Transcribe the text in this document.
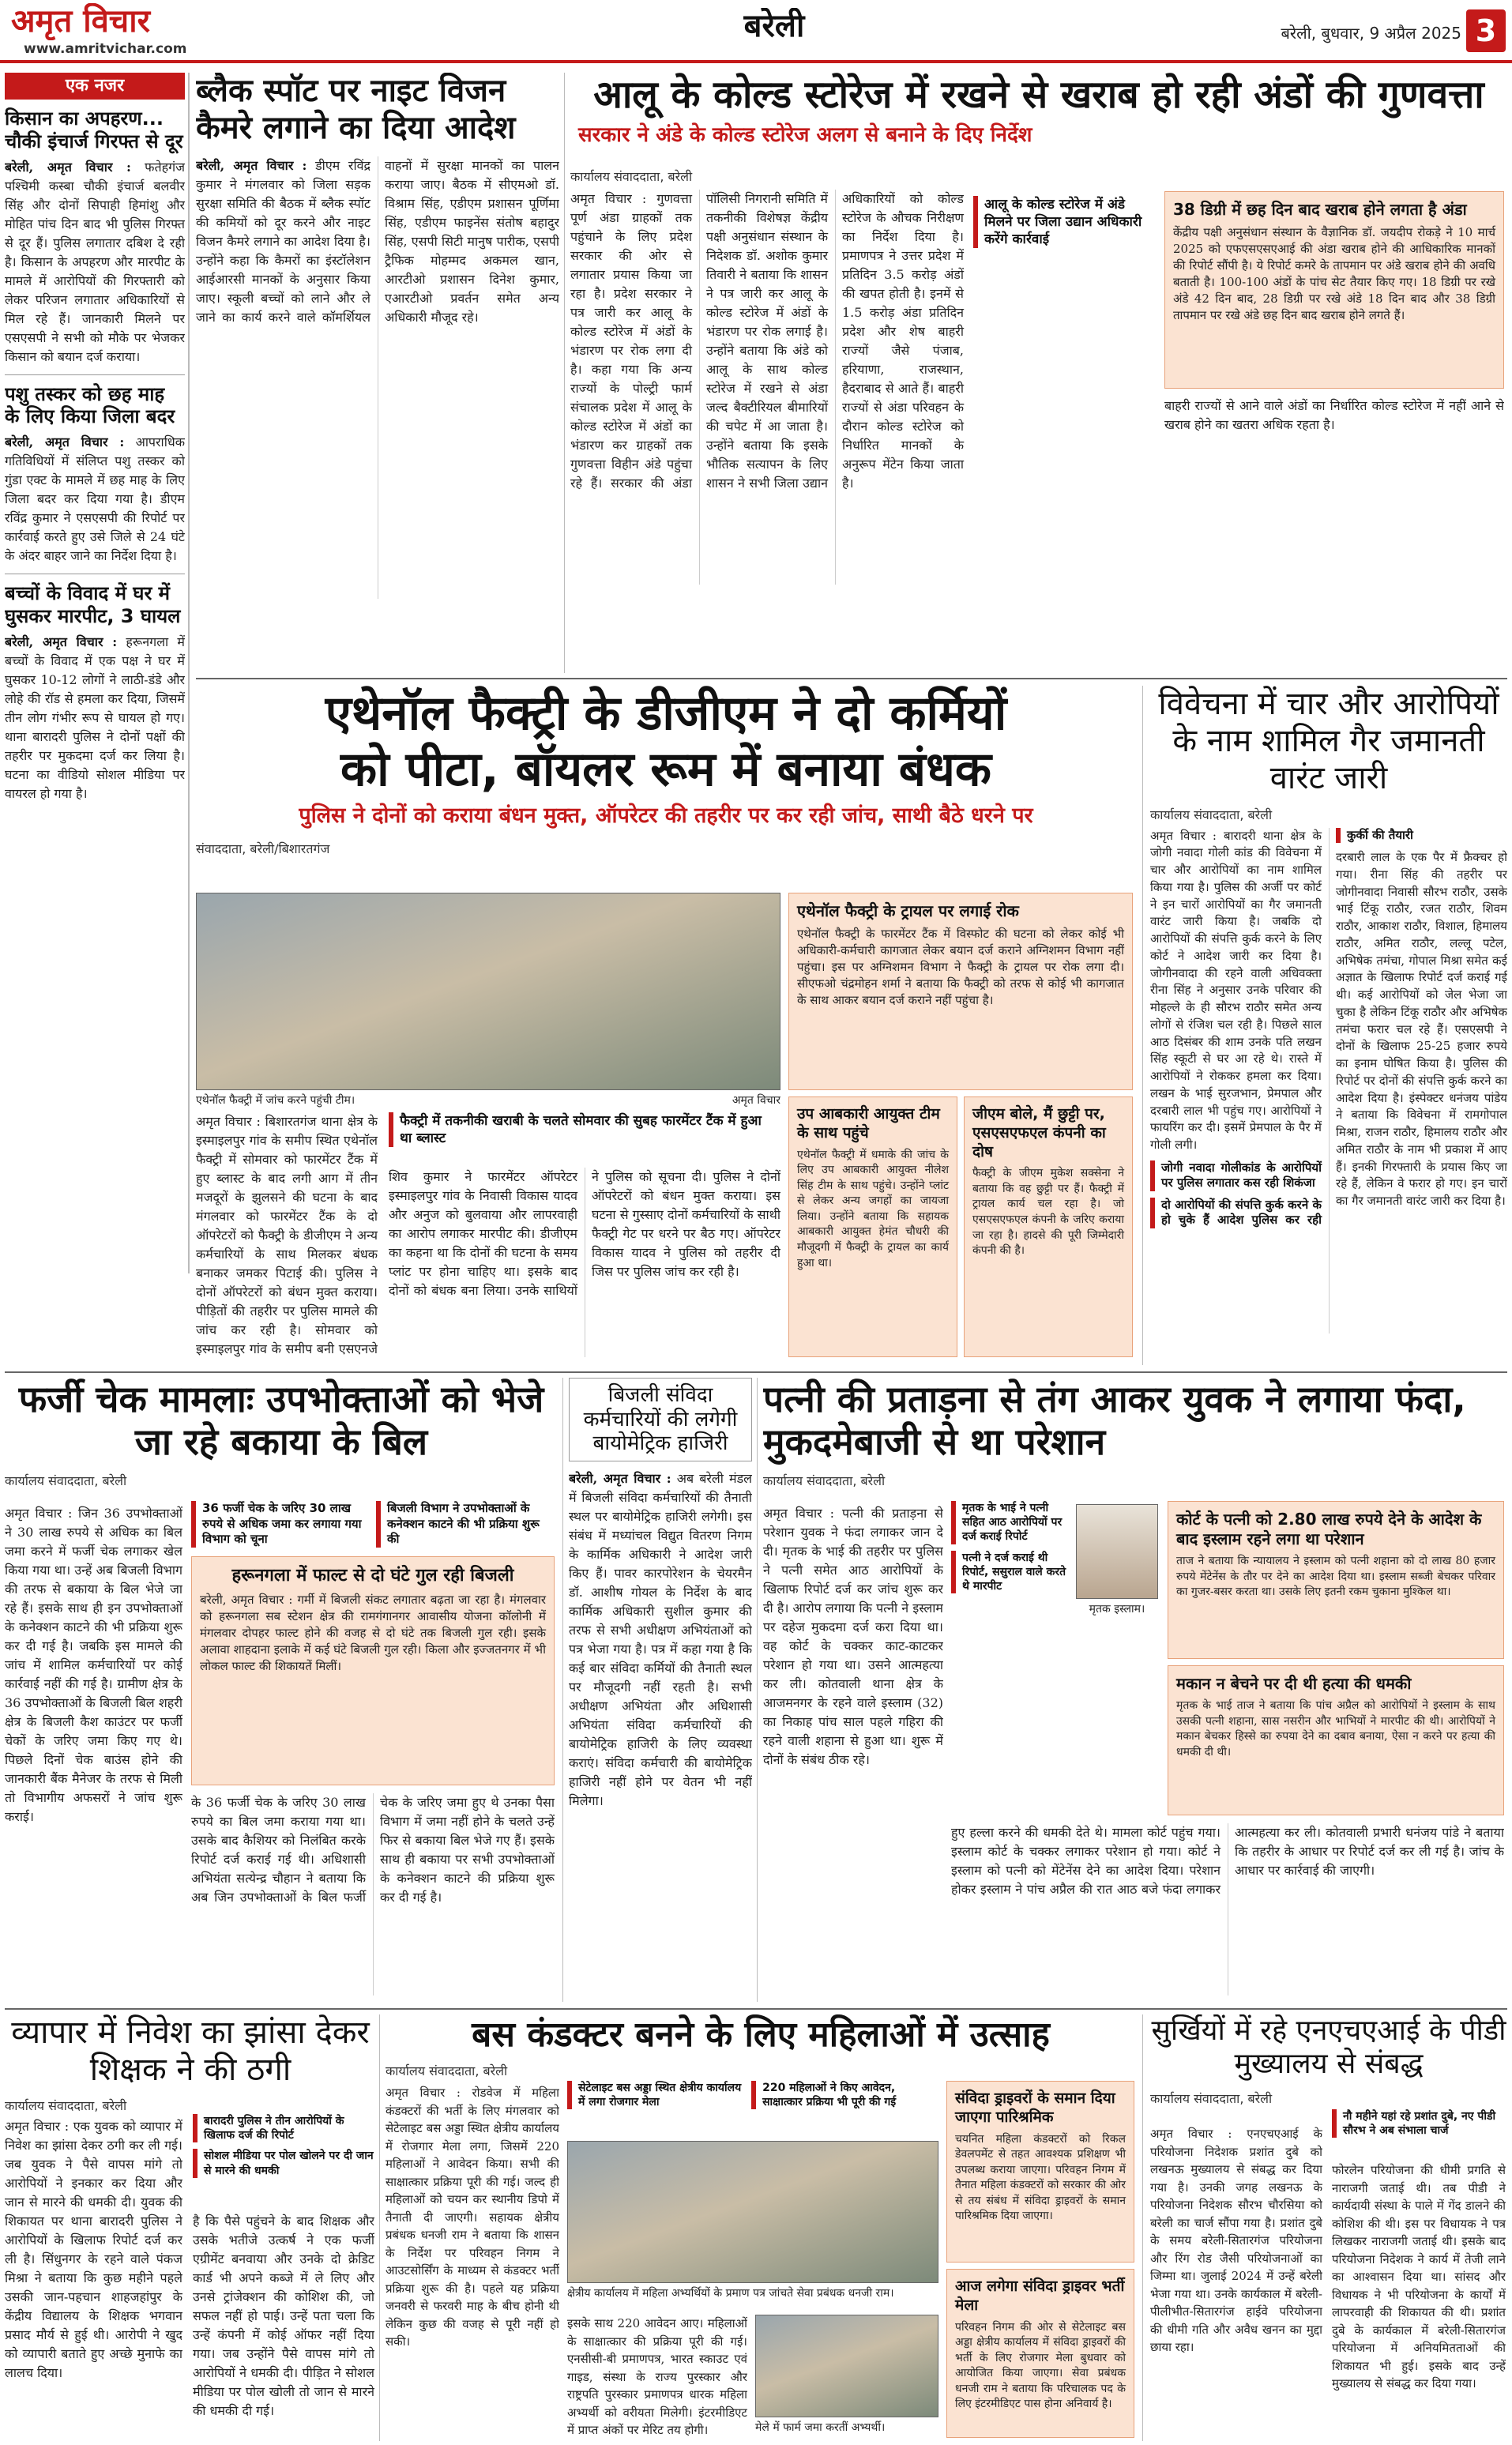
अमृत विचार
www.amritvichar.com
बरेली	बरेली, बुधवार, 9 अप्रैल 2025 3
एक नजर
किसान का अपहरण... चौकी इंचार्ज गिरफ्त से दूर
बरेली, अमृत विचार : फतेहगंज पश्चिमी कस्बा चौकी इंचार्ज बलवीर सिंह और दोनों सिपाही हिमांशु और मोहित पांच दिन बाद भी पुलिस गिरफ्त से दूर हैं। पुलिस लगातार दबिश दे रही है। किसान के अपहरण और मारपीट के मामले में आरोपियों की गिरफ्तारी को लेकर परिजन लगातार अधिकारियों से मिल रहे हैं। जानकारी मिलने पर एसएसपी ने सभी को मौके पर भेजकर किसान को बयान दर्ज कराया।
पशु तस्कर को छह माह के लिए किया जिला बदर
बरेली, अमृत विचार : आपराधिक गतिविधियों में संलिप्त पशु तस्कर को गुंडा एक्ट के मामले में छह माह के लिए जिला बदर कर दिया गया है। डीएम रविंद्र कुमार ने एसएसपी की रिपोर्ट पर कार्रवाई करते हुए उसे जिले से 24 घंटे के अंदर बाहर जाने का निर्देश दिया है।
बच्चों के विवाद में घर में घुसकर मारपीट, 3 घायल
बरेली, अमृत विचार : हरूनगला में बच्चों के विवाद में एक पक्ष ने घर में घुसकर 10-12 लोगों ने लाठी-डंडे और लोहे की रॉड से हमला कर दिया, जिसमें तीन लोग गंभीर रूप से घायल हो गए। थाना बारादरी पुलिस ने दोनों पक्षों की तहरीर पर मुकदमा दर्ज कर लिया है। घटना का वीडियो सोशल मीडिया पर वायरल हो गया है।
ब्लैक स्पॉट पर नाइट विजन कैमरे लगाने का दिया आदेश
बरेली, अमृत विचार : डीएम रविंद्र कुमार ने मंगलवार को जिला सड़क सुरक्षा समिति की बैठक में ब्लैक स्पॉट की कमियों को दूर करने और नाइट विजन कैमरे लगाने का आदेश दिया है। उन्होंने कहा कि कैमरों का इंस्टॉलेशन आईआरसी मानकों के अनुसार किया जाए। स्कूली बच्चों को लाने और ले जाने का कार्य करने वाले कॉमर्शियल वाहनों में सुरक्षा मानकों का पालन कराया जाए। बैठक में सीएमओ डॉ. विश्राम सिंह, एडीएम प्रशासन पूर्णिमा सिंह, एडीएम फाइनेंस संतोष बहादुर सिंह, एसपी सिटी मानुष पारीक, एसपी ट्रैफिक मोहम्मद अकमल खान, आरटीओ प्रशासन दिनेश कुमार, एआरटीओ प्रवर्तन समेत अन्य अधिकारी मौजूद रहे।
आलू के कोल्ड स्टोरेज में रखने से खराब हो रही अंडों की गुणवत्ता
सरकार ने अंडे के कोल्ड स्टोरेज अलग से बनाने के दिए निर्देश
कार्यालय संवाददाता, बरेली
आलू के कोल्ड स्टोरेज में अंडे मिलने पर जिला उद्यान अधिकारी करेंगे कार्रवाई
अमृत विचार : गुणवत्ता पूर्ण अंडा ग्राहकों तक पहुंचाने के लिए प्रदेश सरकार की ओर से लगातार प्रयास किया जा रहा है। प्रदेश सरकार ने पत्र जारी कर आलू के कोल्ड स्टोरेज में अंडों के भंडारण पर रोक लगा दी है। कहा गया कि अन्य राज्यों के पोल्ट्री फार्म संचालक प्रदेश में आलू के कोल्ड स्टोरेज में अंडों का भंडारण कर ग्राहकों तक गुणवत्ता विहीन अंडे पहुंचा रहे हैं। सरकार की अंडा पॉलिसी निगरानी समिति में तकनीकी विशेषज्ञ केंद्रीय पक्षी अनुसंधान संस्थान के निदेशक डॉ. अशोक कुमार तिवारी ने बताया कि शासन ने पत्र जारी कर आलू के कोल्ड स्टोरेज में अंडों के भंडारण पर रोक लगाई है। उन्होंने बताया कि अंडे को आलू के साथ कोल्ड स्टोरेज में रखने से अंडा जल्द बैक्टीरियल बीमारियों की चपेट में आ जाता है। उन्होंने बताया कि इसके भौतिक सत्यापन के लिए शासन ने सभी जिला उद्यान अधिकारियों को कोल्ड स्टोरेज के औचक निरीक्षण का निर्देश दिया है। प्रमाणपत्र ने उत्तर प्रदेश में प्रतिदिन 3.5 करोड़ अंडों की खपत होती है। इनमें से 1.5 करोड़ अंडा प्रतिदिन प्रदेश और शेष बाहरी राज्यों जैसे पंजाब, हरियाणा, राजस्थान, हैदराबाद से आते हैं। बाहरी राज्यों से अंडा परिवहन के दौरान कोल्ड स्टोरेज को निर्धारित मानकों के अनुरूप मेंटेन किया जाता है।
38 डिग्री में छह दिन बाद खराब होने लगता है अंडा
केंद्रीय पक्षी अनुसंधान संस्थान के वैज्ञानिक डॉ. जयदीप रोकड़े ने 10 मार्च 2025 को एफएसएसएआई की अंडा खराब होने की आधिकारिक मानकों की रिपोर्ट सौंपी है। ये रिपोर्ट कमरे के तापमान पर अंडे खराब होने की अवधि बताती है। 100-100 अंडों के पांच सेट तैयार किए गए। 18 डिग्री पर रखे अंडे 42 दिन बाद, 28 डिग्री पर रखे अंडे 18 दिन बाद और 38 डिग्री तापमान पर रखे अंडे छह दिन बाद खराब होने लगते हैं।
बाहरी राज्यों से आने वाले अंडों का निर्धारित कोल्ड स्टोरेज में नहीं आने से खराब होने का खतरा अधिक रहता है।
एथेनॉल फैक्ट्री के डीजीएम ने दो कर्मियों
को पीटा, बॉयलर रूम में बनाया बंधक
पुलिस ने दोनों को कराया बंधन मुक्त, ऑपरेटर की तहरीर पर कर रही जांच, साथी बैठे धरने पर
संवाददाता, बरेली/बिशारतगंज
एथेनॉल फैक्ट्री में जांच करने पहुंची टीम।	अमृत विचार
अमृत विचार : बिशारतगंज थाना क्षेत्र के इस्माइलपुर गांव के समीप स्थित एथेनॉल फैक्ट्री में सोमवार को फारमेंटर टैंक में हुए ब्लास्ट के बाद लगी आग में तीन मजदूरों के झुलसने की घटना के बाद मंगलवार को फारमेंटर टैंक के दो ऑपरेटरों को फैक्ट्री के डीजीएम ने अन्य कर्मचारियों के साथ मिलकर बंधक बनाकर जमकर पिटाई की। पुलिस ने दोनों ऑपरेटरों को बंधन मुक्त कराया। पीड़ितों की तहरीर पर पुलिस मामले की जांच कर रही है। सोमवार को इस्माइलपुर गांव के समीप बनी एसएनजे
फैक्ट्री में तकनीकी खराबी के चलते सोमवार की सुबह फारमेंटर टैंक में हुआ था ब्लास्ट
शिव कुमार ने फारमेंटर ऑपरेटर इस्माइलपुर गांव के निवासी विकास यादव और अनुज को बुलवाया और लापरवाही का आरोप लगाकर मारपीट की। डीजीएम का कहना था कि दोनों की घटना के समय प्लांट पर होना चाहिए था। इसके बाद दोनों को बंधक बना लिया। उनके साथियों ने पुलिस को सूचना दी। पुलिस ने दोनों ऑपरेटरों को बंधन मुक्त कराया। इस घटना से गुस्साए दोनों कर्मचारियों के साथी फैक्ट्री गेट पर धरने पर बैठ गए। ऑपरेटर विकास यादव ने पुलिस को तहरीर दी जिस पर पुलिस जांच कर रही है।
एथेनॉल फैक्ट्री के ट्रायल पर लगाई रोक
एथेनॉल फैक्ट्री के फारमेंटर टैंक में विस्फोट की घटना को लेकर कोई भी अधिकारी-कर्मचारी कागजात लेकर बयान दर्ज कराने अग्निशमन विभाग नहीं पहुंचा। इस पर अग्निशमन विभाग ने फैक्ट्री के ट्रायल पर रोक लगा दी। सीएफओ चंद्रमोहन शर्मा ने बताया कि फैक्ट्री को तरफ से कोई भी कागजात के साथ आकर बयान दर्ज कराने नहीं पहुंचा है।
उप आबकारी आयुक्त टीम के साथ पहुंचे
एथेनॉल फैक्ट्री में धमाके की जांच के लिए उप आबकारी आयुक्त नीलेश सिंह टीम के साथ पहुंचे। उन्होंने प्लांट से लेकर अन्य जगहों का जायजा लिया। उन्होंने बताया कि सहायक आबकारी आयुक्त हेमंत चौधरी की मौजूदगी में फैक्ट्री के ट्रायल का कार्य हुआ था।
जीएम बोले, मैं छुट्टी पर, एसएसएफएल कंपनी का दोष
फैक्ट्री के जीएम मुकेश सक्सेना ने बताया कि वह छुट्टी पर हैं। फैक्ट्री में ट्रायल कार्य चल रहा है। जो एसएसएफएल कंपनी के जरिए कराया जा रहा है। हादसे की पूरी जिम्मेदारी कंपनी की है।
विवेचना में चार और आरोपियों के नाम शामिल गैर जमानती वारंट जारी
कार्यालय संवाददाता, बरेली
अमृत विचार : बारादरी थाना क्षेत्र के जोगी नवादा गोली कांड की विवेचना में चार और आरोपियों का नाम शामिल किया गया है। पुलिस की अर्जी पर कोर्ट ने इन चारों आरोपियों का गैर जमानती वारंट जारी किया है। जबकि दो आरोपियों की संपत्ति कुर्क करने के लिए कोर्ट ने आदेश जारी कर दिया है। जोगीनवादा की रहने वाली अधिवक्ता रीना सिंह ने अनुसार उनके परिवार की मोहल्ले के ही सौरभ राठौर समेत अन्य लोगों से रंजिश चल रही है। पिछले साल आठ दिसंबर की शाम उनके पति लखन सिंह स्कूटी से घर आ रहे थे। रास्ते में आरोपियों ने रोककर हमला कर दिया। लखन के भाई सुरजभान, प्रेमपाल और दरबारी लाल भी पहुंच गए। आरोपियों ने फायरिंग कर दी। इसमें प्रेमपाल के पैर में गोली लगी।
जोगी नवादा गोलीकांड के आरोपियों पर पुलिस लगातार कस रही शिकंजा
दो आरोपियों की संपत्ति कुर्क करने के हो चुके हैं आदेश पुलिस कर रही कुर्की की तैयारी
दरबारी लाल के एक पैर में फ्रैक्चर हो गया। रीना सिंह की तहरीर पर जोगीनवादा निवासी सौरभ राठौर, उसके भाई टिंकू राठौर, रजत राठौर, शिवम राठौर, आकाश राठौर, विशाल, हिमालय राठौर, अमित राठौर, लल्लू पटेल, अभिषेक तमंचा, गोपाल मिश्रा समेत कई अज्ञात के खिलाफ रिपोर्ट दर्ज कराई गई थी। कई आरोपियों को जेल भेजा जा चुका है लेकिन टिंकू राठौर और अभिषेक तमंचा फरार चल रहे हैं। एसएसपी ने दोनों के खिलाफ 25-25 हजार रुपये का इनाम घोषित किया है। पुलिस की रिपोर्ट पर दोनों की संपत्ति कुर्क करने का आदेश दिया है। इंस्पेक्टर धनंजय पांडेय ने बताया कि विवेचना में रामगोपाल मिश्रा, राजन राठौर, हिमालय राठौर और अमित राठौर के नाम भी प्रकाश में आए हैं। इनकी गिरफ्तारी के प्रयास किए जा रहे हैं, लेकिन वे फरार हो गए। इन चारों का गैर जमानती वारंट जारी कर दिया है।
फर्जी चेक मामलाः उपभोक्ताओं को भेजे जा रहे बकाया के बिल
कार्यालय संवाददाता, बरेली
अमृत विचार : जिन 36 उपभोक्ताओं ने 30 लाख रुपये से अधिक का बिल जमा करने में फर्जी चेक लगाकर खेल किया गया था। उन्हें अब बिजली विभाग की तरफ से बकाया के बिल भेजे जा रहे हैं। इसके साथ ही इन उपभोक्ताओं के कनेक्शन काटने की भी प्रक्रिया शुरू कर दी गई है। जबकि इस मामले की जांच में शामिल कर्मचारियों पर कोई कार्रवाई नहीं की गई है। ग्रामीण क्षेत्र के 36 उपभोक्ताओं के बिजली बिल शहरी क्षेत्र के बिजली कैश काउंटर पर फर्जी चेकों के जरिए जमा किए गए थे। पिछले दिनों चेक बाउंस होने की जानकारी बैंक मैनेजर के तरफ से मिली तो विभागीय अफसरों ने जांच शुरू कराई।
36 फर्जी चेक के जरिए 30 लाख रुपये से अधिक जमा कर लगाया गया विभाग को चूना
बिजली विभाग ने उपभोक्ताओं के कनेक्शन काटने की भी प्रक्रिया शुरू की
हरूनगला में फाल्ट से दो घंटे गुल रही बिजली
बरेली, अमृत विचार : गर्मी में बिजली संकट लगातार बढ़ता जा रहा है। मंगलवार को हरूनगला सब स्टेशन क्षेत्र की रामगंगानगर आवासीय योजना कॉलोनी में मंगलवार दोपहर फाल्ट होने की वजह से दो घंटे तक बिजली गुल रही। इसके अलावा शाहदाना इलाके में कई घंटे बिजली गुल रही। किला और इज्जतनगर में भी लोकल फाल्ट की शिकायतें मिलीं।
के 36 फर्जी चेक के जरिए 30 लाख रुपये का बिल जमा कराया गया था। उसके बाद कैशियर को निलंबित करके रिपोर्ट दर्ज कराई गई थी। अधिशासी अभियंता सत्येन्द्र चौहान ने बताया कि अब जिन उपभोक्ताओं के बिल फर्जी चेक के जरिए जमा हुए थे उनका पैसा विभाग में जमा नहीं होने के चलते उन्हें फिर से बकाया बिल भेजे गए हैं। इसके साथ ही बकाया पर सभी उपभोक्ताओं के कनेक्शन काटने की प्रक्रिया शुरू कर दी गई है।
बिजली संविदा कर्मचारियों की लगेगी बायोमेट्रिक हाजिरी
बरेली, अमृत विचार : अब बरेली मंडल में बिजली संविदा कर्मचारियों की तैनाती स्थल पर बायोमेट्रिक हाजिरी लगेगी। इस संबंध में मध्यांचल विद्युत वितरण निगम के कार्मिक अधिकारी ने आदेश जारी किए हैं। पावर कारपोरेशन के चेयरमैन डॉ. आशीष गोयल के निर्देश के बाद कार्मिक अधिकारी सुशील कुमार की तरफ से सभी अधीक्षण अभियंताओं को पत्र भेजा गया है। पत्र में कहा गया है कि कई बार संविदा कर्मियों की तैनाती स्थल पर मौजूदगी नहीं रहती है। सभी अधीक्षण अभियंता और अधिशासी अभियंता संविदा कर्मचारियों की बायोमेट्रिक हाजिरी के लिए व्यवस्था कराएं। संविदा कर्मचारी की बायोमेट्रिक हाजिरी नहीं होने पर वेतन भी नहीं मिलेगा।
पत्नी की प्रताड़ना से तंग आकर युवक ने लगाया फंदा, मुकदमेबाजी से था परेशान
कार्यालय संवाददाता, बरेली
अमृत विचार : पत्नी की प्रताड़ना से परेशान युवक ने फंदा लगाकर जान दे दी। मृतक के भाई की तहरीर पर पुलिस ने पत्नी समेत आठ आरोपियों के खिलाफ रिपोर्ट दर्ज कर जांच शुरू कर दी है। आरोप लगाया कि पत्नी ने इस्लाम पर दहेज मुकदमा दर्ज करा दिया था। वह कोर्ट के चक्कर काट-काटकर परेशान हो गया था। उसने आत्महत्या कर ली। कोतवाली थाना क्षेत्र के आजमनगर के रहने वाले इस्लाम (32) का निकाह पांच साल पहले गहिरा की रहने वाली शहाना से हुआ था। शुरू में दोनों के संबंध ठीक रहे।
मृतक के भाई ने पत्नी सहित आठ आरोपियों पर दर्ज कराई रिपोर्ट
पत्नी ने दर्ज कराई थी रिपोर्ट, ससुराल वाले करते थे मारपीट
मृतक इस्लाम।
कोर्ट के पत्नी को 2.80 लाख रुपये देने के आदेश के बाद इस्लाम रहने लगा था परेशान
ताज ने बताया कि न्यायालय ने इस्लाम को पत्नी शहाना को दो लाख 80 हजार रुपये मेंटेनेंस के तौर पर देने का आदेश दिया था। इस्लाम सब्जी बेचकर परिवार का गुजर-बसर करता था। उसके लिए इतनी रकम चुकाना मुश्किल था।
मकान न बेचने पर दी थी हत्या की धमकी
मृतक के भाई ताज ने बताया कि पांच अप्रैल को आरोपियों ने इस्लाम के साथ उसकी पत्नी शहाना, सास नसरीन और भाभियों ने मारपीट की थी। आरोपियों ने मकान बेचकर हिस्से का रुपया देने का दबाव बनाया, ऐसा न करने पर हत्या की धमकी दी थी।
हुए हल्ला करने की धमकी देते थे। मामला कोर्ट पहुंच गया। इस्लाम कोर्ट के चक्कर लगाकर परेशान हो गया। कोर्ट ने इस्लाम को पत्नी को मेंटेनेंस देने का आदेश दिया। परेशान होकर इस्लाम ने पांच अप्रैल की रात आठ बजे फंदा लगाकर आत्महत्या कर ली। कोतवाली प्रभारी धनंजय पांडे ने बताया कि तहरीर के आधार पर रिपोर्ट दर्ज कर ली गई है। जांच के आधार पर कार्रवाई की जाएगी।
व्यापार में निवेश का झांसा देकर शिक्षक ने की ठगी
कार्यालय संवाददाता, बरेली
अमृत विचार : एक युवक को व्यापार में निवेश का झांसा देकर ठगी कर ली गई। जब युवक ने पैसे वापस मांगे तो आरोपियों ने इनकार कर दिया और जान से मारने की धमकी दी। युवक की शिकायत पर थाना बारादरी पुलिस ने आरोपियों के खिलाफ रिपोर्ट दर्ज कर ली है। सिंधुनगर के रहने वाले पंकज मिश्रा ने बताया कि कुछ महीने पहले उसकी जान-पहचान शाहजहांपुर के केंद्रीय विद्यालय के शिक्षक भगवान प्रसाद मौर्य से हुई थी। आरोपी ने खुद को व्यापारी बताते हुए अच्छे मुनाफे का लालच दिया।
बारादरी पुलिस ने तीन आरोपियों के खिलाफ दर्ज की रिपोर्ट
सोशल मीडिया पर पोल खोलने पर दी जान से मारने की धमकी
है कि पैसे पहुंचने के बाद शिक्षक और उसके भतीजे उत्कर्ष ने एक फर्जी एग्रीमेंट बनवाया और उनके दो क्रेडिट कार्ड भी अपने कब्जे में ले लिए और उनसे ट्रांजेक्शन की कोशिश की, जो सफल नहीं हो पाई। उन्हें पता चला कि उन्हें कंपनी में कोई ऑफर नहीं दिया गया। जब उन्होंने पैसे वापस मांगे तो आरोपियों ने धमकी दी। पीड़ित ने सोशल मीडिया पर पोल खोली तो जान से मारने की धमकी दी गई।
बस कंडक्टर बनने के लिए महिलाओं में उत्साह
कार्यालय संवाददाता, बरेली
अमृत विचार : रोडवेज में महिला कंडक्टरों की भर्ती के लिए मंगलवार को सेटेलाइट बस अड्डा स्थित क्षेत्रीय कार्यालय में रोजगार मेला लगा, जिसमें 220 महिलाओं ने आवेदन किया। सभी की साक्षात्कार प्रक्रिया पूरी की गई। जल्द ही महिलाओं को चयन कर स्थानीय डिपो में तैनाती दी जाएगी। सहायक क्षेत्रीय प्रबंधक धनजी राम ने बताया कि शासन के निर्देश पर परिवहन निगम ने आउटसोर्सिंग के माध्यम से कंडक्टर भर्ती प्रक्रिया शुरू की है। पहले यह प्रक्रिया जनवरी से फरवरी माह के बीच होनी थी लेकिन कुछ की वजह से पूरी नहीं हो सकी।
सेटेलाइट बस अड्डा स्थित क्षेत्रीय कार्यालय में लगा रोजगार मेला 220 महिलाओं ने किए आवेदन, साक्षात्कार प्रक्रिया भी पूरी की गई
क्षेत्रीय कार्यालय में महिला अभ्यर्थियों के प्रमाण पत्र जांचते सेवा प्रबंधक धनजी राम।
इसके साथ 220 आवेदन आए। महिलाओं के साक्षात्कार की प्रक्रिया पूरी की गई। एनसीसी-बी प्रमाणपत्र, भारत स्काउट एवं गाइड, संस्था के राज्य पुरस्कार और राष्ट्रपति पुरस्कार प्रमाणपत्र धारक महिला अभ्यर्थी को वरीयता मिलेगी। इंटरमीडिएट में प्राप्त अंकों पर मेरिट तय होगी।	मेले में फार्म जमा करतीं अभ्यर्थी।
संविदा ड्राइवरों के समान दिया जाएगा पारिश्रमिक
चयनित महिला कंडक्टरों को रिकल डेवलपमेंट से तहत आवश्यक प्रशिक्षण भी उपलब्ध कराया जाएगा। परिवहन निगम में तैनात महिला कंडक्टरों को सरकार की ओर से तय संबंध में संविदा ड्राइवरों के समान पारिश्रमिक दिया जाएगा।
आज लगेगा संविदा ड्राइवर भर्ती मेला
परिवहन निगम की ओर से सेटेलाइट बस अड्डा क्षेत्रीय कार्यालय में संविदा ड्राइवरों की भर्ती के लिए रोजगार मेला बुधवार को आयोजित किया जाएगा। सेवा प्रबंधक धनजी राम ने बताया कि परिचालक पद के लिए इंटरमीडिएट पास होना अनिवार्य है।
सुर्खियों में रहे एनएचएआई के पीडी मुख्यालय से संबद्ध
कार्यालय संवाददाता, बरेली
अमृत विचार : एनएचएआई के परियोजना निदेशक प्रशांत दुबे को लखनऊ मुख्यालय से संबद्ध कर दिया गया है। उनकी जगह लखनऊ के परियोजना निदेशक सौरभ चौरसिया को बरेली का चार्ज सौंपा गया है। प्रशांत दुबे के समय बरेली-सितारगंज परियोजना और रिंग रोड जैसी परियोजनाओं का जिम्मा था। जुलाई 2024 में उन्हें बरेली भेजा गया था। उनके कार्यकाल में बरेली-पीलीभीत-सितारगंज हाईवे परियोजना की धीमी गति और अवैध खनन का मुद्दा छाया रहा।
नौ महीने यहां रहे प्रशांत दुबे, नए पीडी सौरभ ने अब संभाला चार्ज
फोरलेन परियोजना की धीमी प्रगति से नाराजगी जताई थी। तब पीडी ने कार्यदायी संस्था के पाले में गेंद डालने की कोशिश की थी। इस पर विधायक ने पत्र लिखकर नाराजगी जताई थी। इसके बाद परियोजना निदेशक ने कार्य में तेजी लाने का आश्वासन दिया था। सांसद और विधायक ने भी परियोजना के कार्यों में लापरवाही की शिकायत की थी। प्रशांत दुबे के कार्यकाल में बरेली-सितारगंज परियोजना में अनियमितताओं की शिकायत भी हुई। इसके बाद उन्हें मुख्यालय से संबद्ध कर दिया गया।
